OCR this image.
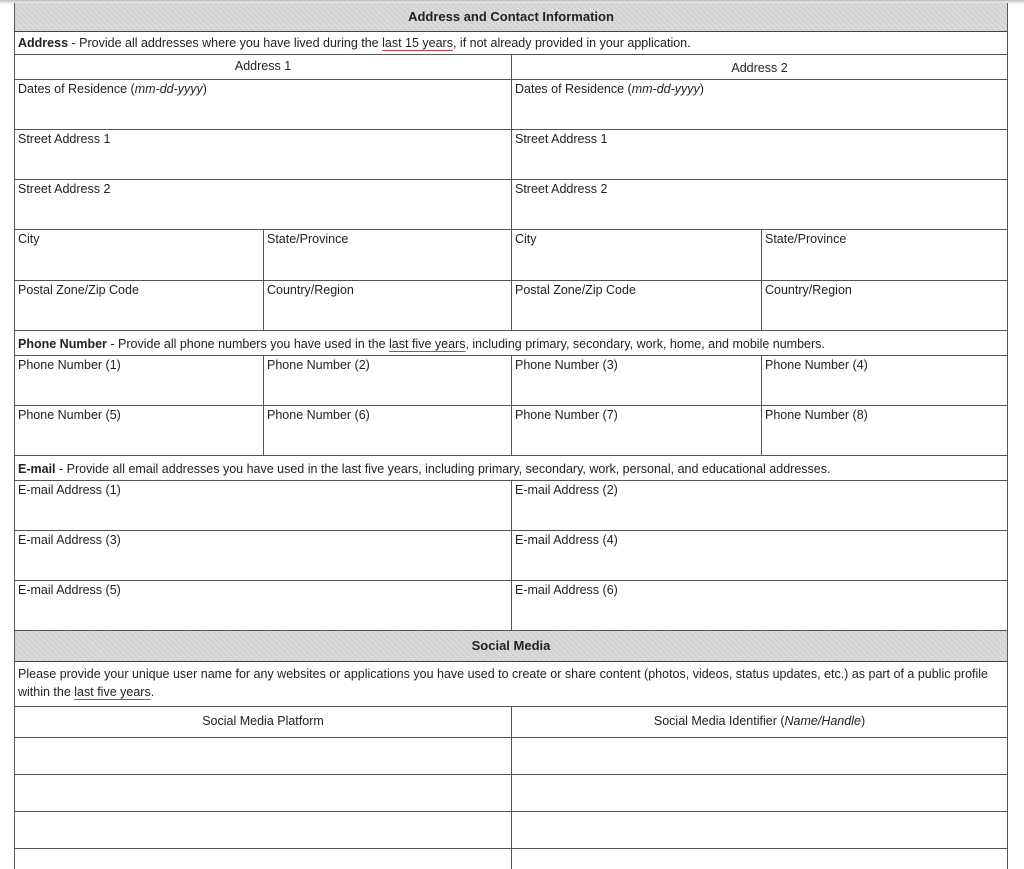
Address and Contact Information
Address - Provide all addresses where you have lived during the last 15 years, if not already provided in your application.
Address 1	Address 2
Dates of Residence (mm-dd-yyyy)	Dates of Residence (mm-dd-yyyy)
Street Address 1	Street Address 1
Street Address 2	Street Address 2
City	State/Province	City	State/Province
Postal Zone/Zip Code	Country/Region	Postal Zone/Zip Code	Country/Region
Phone Number - Provide all phone numbers you have used in the last five years, including primary, secondary, work, home, and mobile numbers.
Phone Number (1)	Phone Number (2)	Phone Number (3)	Phone Number (4)
Phone Number (5)	Phone Number (6)	Phone Number (7)	Phone Number (8)
E-mail - Provide all email addresses you have used in the last five years, including primary, secondary, work, personal, and educational addresses.
E-mail Address (1)	E-mail Address (2)
E-mail Address (3)	E-mail Address (4)
E-mail Address (5)	E-mail Address (6)
Social Media
Please provide your unique user name for any websites or applications you have used to create or share content (photos, videos, status updates, etc.) as part of a public profile within the last five years.
Social Media Platform	Social Media Identifier (Name/Handle)
